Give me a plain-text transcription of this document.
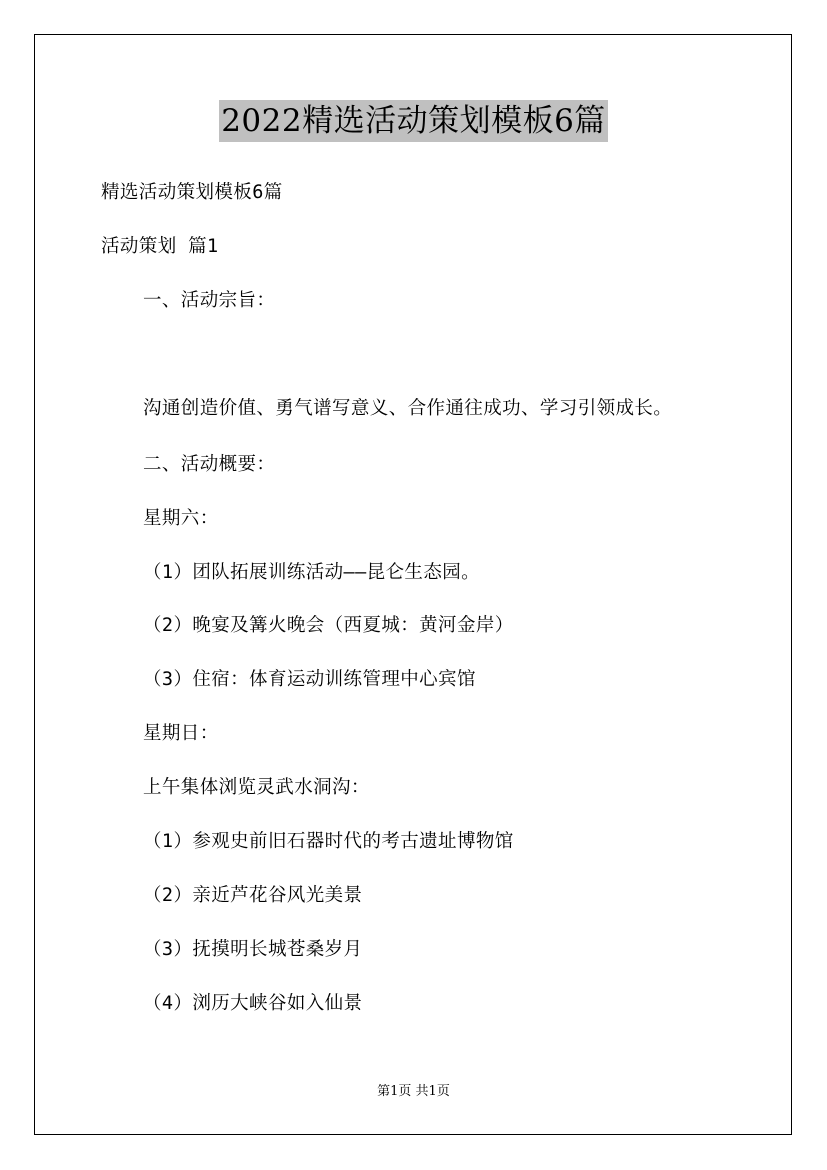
2022精选活动策划模板6篇
精选活动策划模板6篇
活动策划 篇1
一、活动宗旨：
沟通创造价值、勇气谱写意义、合作通往成功、学习引领成长。
二、活动概要：
星期六：
（1）团队拓展训练活动——昆仑生态园。
（2）晚宴及篝火晚会（西夏城：黄河金岸）
（3）住宿：体育运动训练管理中心宾馆
星期日：
上午集体浏览灵武水洞沟：
（1）参观史前旧石器时代的考古遗址博物馆
（2）亲近芦花谷风光美景
（3）抚摸明长城苍桑岁月
（4）浏历大峡谷如入仙景
第1页 共1页
